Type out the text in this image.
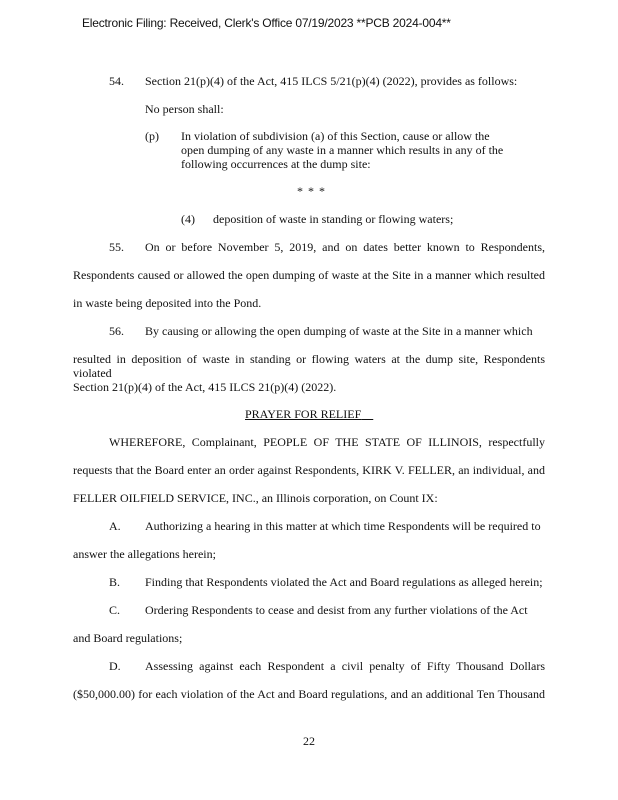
Electronic Filing: Received, Clerk's Office 07/19/2023 **PCB 2024-004**
54. Section 21(p)(4) of the Act, 415 ILCS 5/21(p)(4) (2022), provides as follows:
No person shall:
(p) In violation of subdivision (a) of this Section, cause or allow the
open dumping of any waste in a manner which results in any of the
following occurrences at the dump site:
* * *
(4) deposition of waste in standing or flowing waters;
55. On or before November 5, 2019, and on dates better known to Respondents,
Respondents caused or allowed the open dumping of waste at the Site in a manner which resulted
in waste being deposited into the Pond.
56. By causing or allowing the open dumping of waste at the Site in a manner which
resulted in deposition of waste in standing or flowing waters at the dump site, Respondents violated
Section 21(p)(4) of the Act, 415 ILCS 21(p)(4) (2022).
PRAYER FOR RELIEF
WHEREFORE, Complainant, PEOPLE OF THE STATE OF ILLINOIS, respectfully
requests that the Board enter an order against Respondents, KIRK V. FELLER, an individual, and
FELLER OILFIELD SERVICE, INC., an Illinois corporation, on Count IX:
A. Authorizing a hearing in this matter at which time Respondents will be required to
answer the allegations herein;
B. Finding that Respondents violated the Act and Board regulations as alleged herein;
C. Ordering Respondents to cease and desist from any further violations of the Act
and Board regulations;
D. Assessing against each Respondent a civil penalty of Fifty Thousand Dollars
($50,000.00) for each violation of the Act and Board regulations, and an additional Ten Thousand
22
